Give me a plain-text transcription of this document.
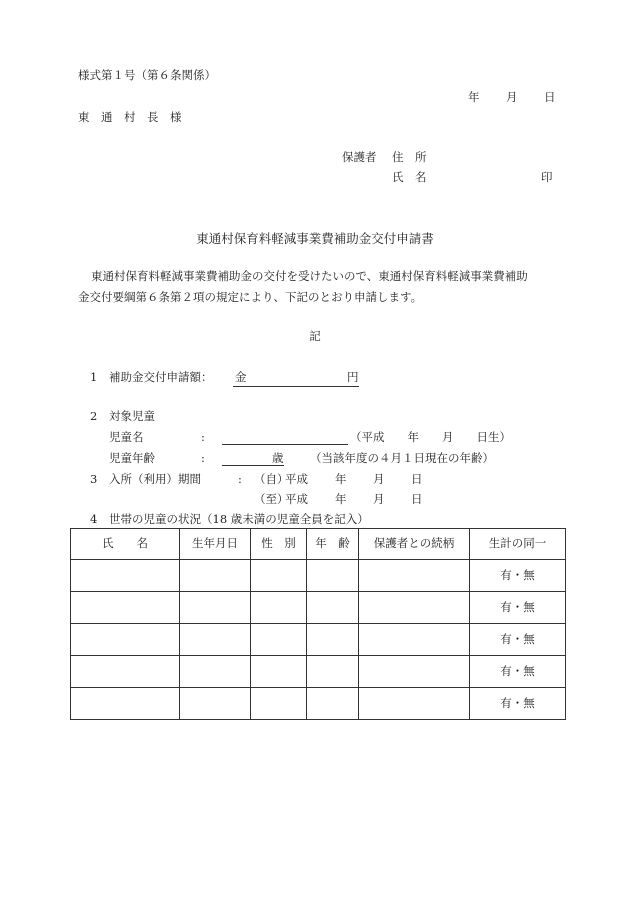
様式第１号（第６条関係）
年 月 日
東　通　村　長　様
保護者 住　所
氏　名	印
東通村保育料軽減事業費補助金交付申請書
東通村保育料軽減事業費補助金の交付を受けたいので、東通村保育料軽減事業費補助
金交付要綱第６条第２項の規定により、下記のとおり申請します。
記
1 補助金交付申請額： 金	円
2 対象児童
児童名	:	（平成　　年　　月　　日生）
児童年齢	:	歳 （当該年度の４月１日現在の年齢）
3 入所（利用）期間	: （自）
平成 年 月 日
（至）
平成 年 月 日
4 世帯の児童の状況（18 歳未満の児童全員を記入）
氏　　名	生年月日	性　別	年　齢	保護者との続柄	生計の同一
					有・無
					有・無
					有・無
					有・無
					有・無
